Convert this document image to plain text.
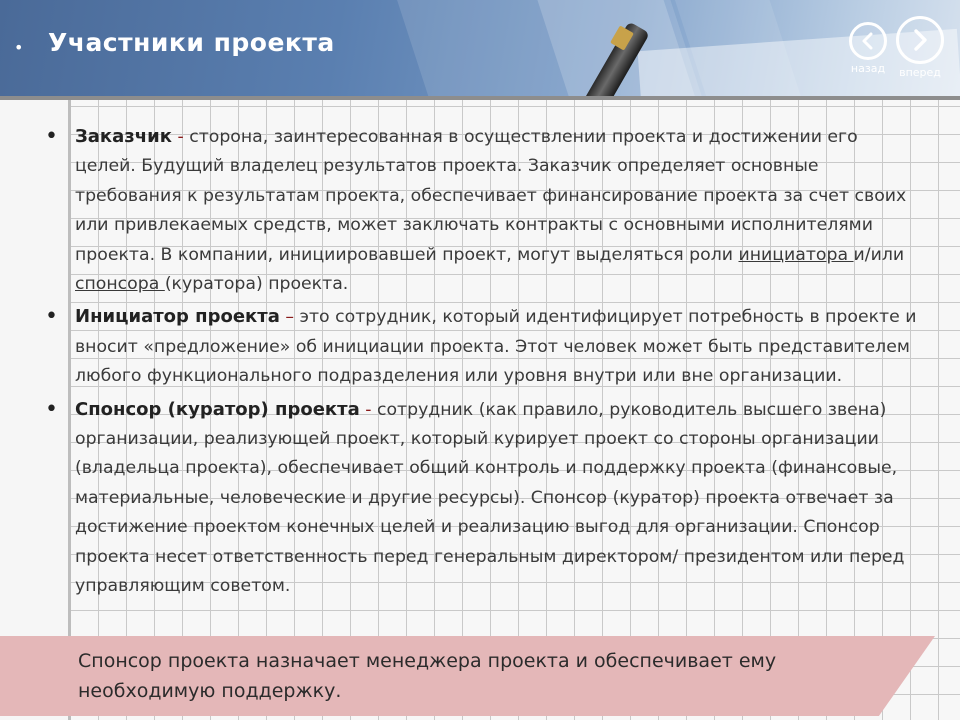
• Участники проекта
назад	вперед
• Заказчик - сторона, заинтересованная в осуществлении проекта и достижении его целей. Будущий владелец результатов проекта. Заказчик определяет основные требования к результатам проекта, обеспечивает финансирование проекта за счет своих или привлекаемых средств, может заключать контракты с основными исполнителями проекта. В компании, инициировавшей проект, могут выделяться роли инициатора и/или спонсора (куратора) проекта.
• Инициатор проекта – это сотрудник, который идентифицирует потребность в проекте и вносит «предложение» об инициации проекта. Этот человек может быть представителем любого функционального подразделения или уровня внутри или вне организации.
• Спонсор (куратор) проекта - сотрудник (как правило, руководитель высшего звена) организации, реализующей проект, который курирует проект со стороны организации (владельца проекта), обеспечивает общий контроль и поддержку проекта (финансовые, материальные, человеческие и другие ресурсы). Спонсор (куратор) проекта отвечает за достижение проектом конечных целей и реализацию выгод для организации. Спонсор проекта несет ответственность перед генеральным директором/ президентом или перед управляющим советом.
Спонсор проекта назначает менеджера проекта и обеспечивает ему необходимую поддержку.
